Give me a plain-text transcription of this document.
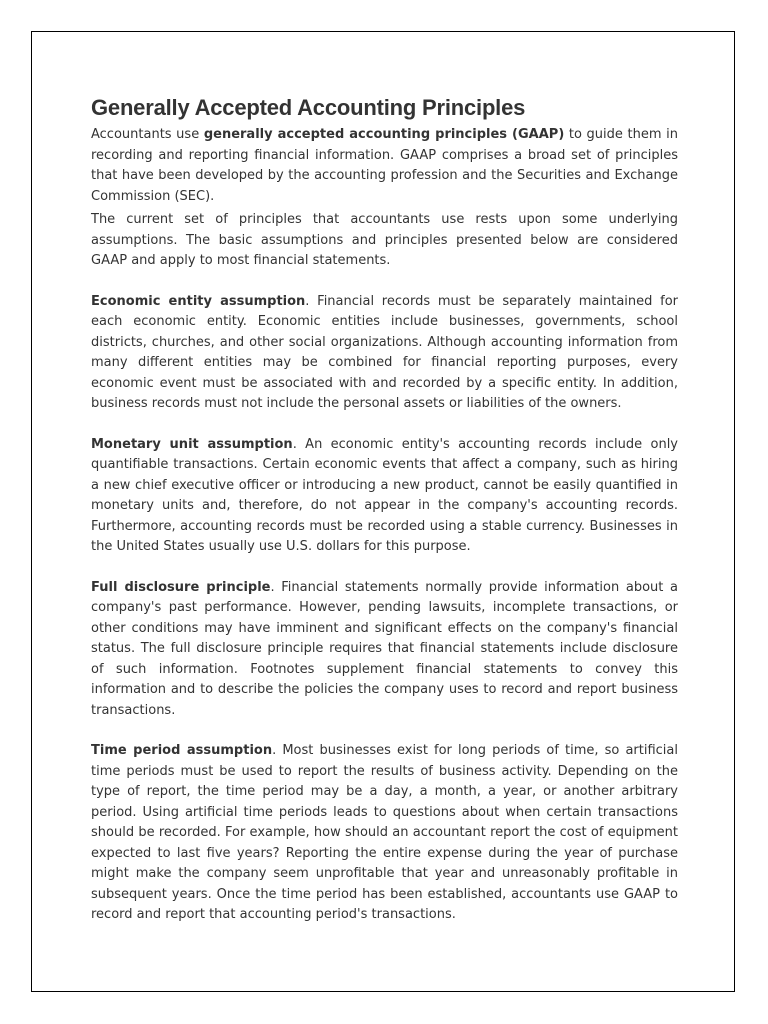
Generally Accepted Accounting Principles

Accountants use generally accepted accounting principles (GAAP) to guide them in recording and reporting financial information. GAAP comprises a broad set of principles that have been developed by the accounting profession and the Securities and Exchange Commission (SEC).

The current set of principles that accountants use rests upon some underlying assumptions. The basic assumptions and principles presented below are considered GAAP and apply to most financial statements.

Economic entity assumption. Financial records must be separately maintained for each economic entity. Economic entities include businesses, governments, school districts, churches, and other social organizations. Although accounting information from many different entities may be combined for financial reporting purposes, every economic event must be associated with and recorded by a specific entity. In addition, business records must not include the personal assets or liabilities of the owners.

Monetary unit assumption. An economic entity's accounting records include only quantifiable transactions. Certain economic events that affect a company, such as hiring a new chief executive officer or introducing a new product, cannot be easily quantified in monetary units and, therefore, do not appear in the company's accounting records. Furthermore, accounting records must be recorded using a stable currency. Businesses in the United States usually use U.S. dollars for this purpose.

Full disclosure principle. Financial statements normally provide information about a company's past performance. However, pending lawsuits, incomplete transactions, or other conditions may have imminent and significant effects on the company's financial status. The full disclosure principle requires that financial statements include disclosure of such information. Footnotes supplement financial statements to convey this information and to describe the policies the company uses to record and report business transactions.

Time period assumption. Most businesses exist for long periods of time, so artificial time periods must be used to report the results of business activity. Depending on the type of report, the time period may be a day, a month, a year, or another arbitrary period. Using artificial time periods leads to questions about when certain transactions should be recorded. For example, how should an accountant report the cost of equipment expected to last five years? Reporting the entire expense during the year of purchase might make the company seem unprofitable that year and unreasonably profitable in subsequent years. Once the time period has been established, accountants use GAAP to record and report that accounting period's transactions.
